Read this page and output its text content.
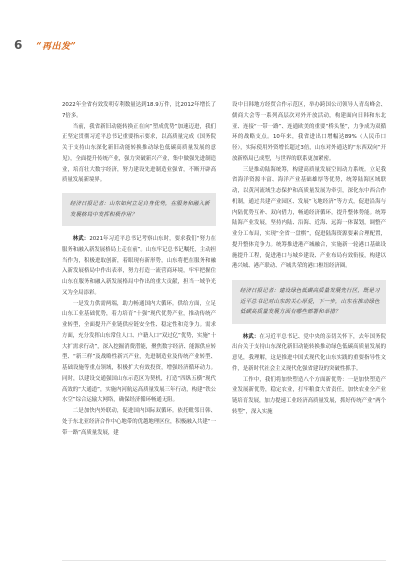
6 “再出发”

2022年全省有效发明专利数量达到18.9万件，比2012年增长了7倍多。

当前，我省新旧动能转换正在向“塑成优势”加速迈进，我们正坚定贯彻习近平总书记重要指示要求，以高质量完成《国务院关于支持山东深化新旧动能转换推动绿色低碳高质量发展的意见》，全面提升传统产业，强力突破新兴产业，集中做强先进制造业，培育壮大数字经济，努力建设先进制造业强省，不断开辟高质量发展新境界。

经济日报记者：山东如何立足自身优势，在服务和融入新发展格局中发挥积极作用？

林武：2021年习近平总书记考察山东时，要求我们“努力在服务和融入新发展格局上走在前”。山东牢记总书记嘱托，主动担当作为，积极进取创新，着眼现有新形势，山东将把在服务和融入新发展格局中作出表率，努力打造一流营商环境，牢牢把握住山东在服务和融入新发展格局中作出的重大贡献，担当一域争光又为全局添彩。

一是发力供需两端，助力畅通国内大循环。供给方面，立足山东工业基础优势，着力培育“十强”现代优势产业，推动传统产业转型，全面提升产业链供应链安全性、稳定性和竞争力。需求方面，充分发挥山东常住人口、户籍人口“双过亿”优势，实施“十大扩需求行动”，深入挖掘消费潜能，聚焦数字经济、能源供应转型、“新三样”及战略性新兴产业，先进制造业及传统产业转型、基础设施等重点领域，积极扩大有效投资，增强经济循环动力。同时，以建设交通强国山东示范区为契机，打造“四纵五横”现代高效的“大通道”，实施内河航运高质量发展三年行动，构建“铁公水空”综合运输大网络，确保经济循环畅通无阻。

二是加快内外联动，促进国内国际双循环。依托毗邻日韩、处于东北亚经济合作中心地带的优越地理区位，积极融入共建“一带一路”高质量发展，建

设中日韩地方经贸合作示范区，举办跨国公司领导人青岛峰会、儒商大会等一系列高层次对外开放活动，构建面向日韩和东北亚、连接“一带一路”、连通欧美的重要“桥头堡”，力争成为双循环的战略支点。10年来，我省进出口增幅达89%（人民币口径），实际使用外资增长超过3倍，山东对外通达的“东西双向”开放新格局已成型，与世界的联系更加紧密。

三是推动陆海统筹，构建高质量发展空间动力系统。立足我省海洋资源丰富、海洋产业基础雄厚等优势，统筹陆海区域联动，以黄河流域生态保护和高质量发展为牵引，深化东中西合作机制，通过共建产业园区、发展“飞地经济”等方式，促进沿海与内陆优势互补、双向借力，畅通经济循环，提升整体势能。统筹陆海产业发展，坚持内陆、沿海、近海、远海一体谋划，调整产业分工布局，实现“全省一盘棋”，促进陆海资源要素合理配置，提升整体竞争力。统筹推进港产城融合，实施新一轮港口基础设施提升工程，促进港口与城乡建设、产业布局有效衔接，构建以港兴城、港产联动、产城共荣的港口枢纽经济圈。

经济日报记者：建设绿色低碳高质量发展先行区，既是习近平总书记对山东的关心厚爱，下一步，山东在推动绿色低碳高质量发展方面有哪些部署和举措？

林武：在习近平总书记、党中央的亲切关怀下，去年国务院出台关于支持山东深化新旧动能转换推动绿色低碳高质量发展的意见，我理解，这是推进中国式现代化山东实践的重要指导性文件，是新时代社会主义现代化强省建设的突破性抓手。

工作中，我们将加快塑造八个方面新优势：一是加快塑造产业发展新优势，稳定农业，打牢粮食大省责任，加快农业全产业链培育发展，加力提速工业经济高质量发展，抓好传统产业“两个转型”，深入实施
